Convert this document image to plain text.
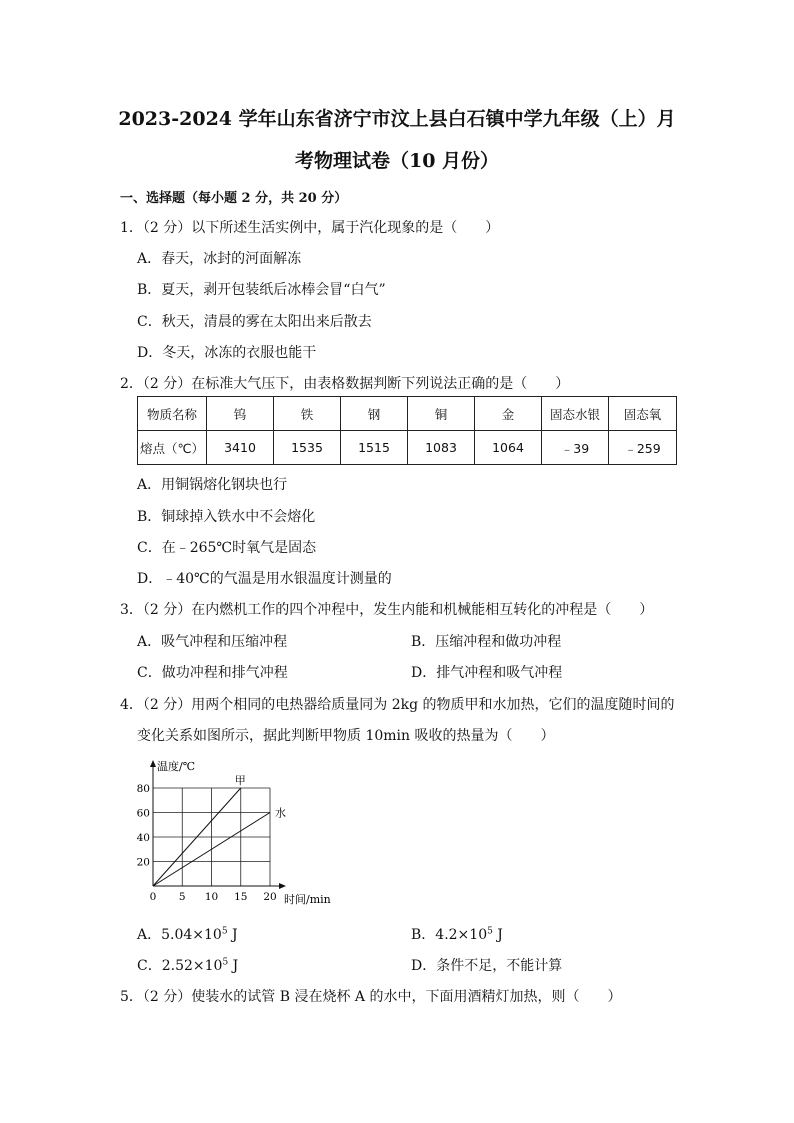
2023-2024 学年山东省济宁市汶上县白石镇中学九年级（上）月
考物理试卷（10 月份）
一、选择题（每小题 2 分，共 20 分）
1．（2 分）以下所述生活实例中，属于汽化现象的是（　　）
A．春天，冰封的河面解冻
B．夏天，剥开包装纸后冰棒会冒“白气”
C．秋天，清晨的雾在太阳出来后散去
D．冬天，冰冻的衣服也能干
2．（2 分）在标准大气压下，由表格数据判断下列说法正确的是（　　）
物质名称	钨	铁	钢	铜	金	固态水银	固态氧
熔点（℃）	3410	1535	1515	1083	1064	﹣39	﹣259
A．用铜锅熔化钢块也行
B．铜球掉入铁水中不会熔化
C．在﹣265℃时氧气是固态
D．﹣40℃的气温是用水银温度计测量的
3．（2 分）在内燃机工作的四个冲程中，发生内能和机械能相互转化的冲程是（　　）
A．吸气冲程和压缩冲程	B．压缩冲程和做功冲程
C．做功冲程和排气冲程	D．排气冲程和吸气冲程
4．（2 分）用两个相同的电热器给质量同为 2kg 的物质甲和水加热，它们的温度随时间的
变化关系如图所示，据此判断甲物质 10min 吸收的热量为（　　）
0 5 10 15 20
20
40
60
80
甲
水
温度/℃
时间/min
A．$5.04\times 10^5$ J	B．$4.2\times 10^5$ J
C．$2.52\times 10^5$ J	D．条件不足，不能计算
5．（2 分）使装水的试管 B 浸在烧杯 A 的水中，下面用酒精灯加热，则（　　）
